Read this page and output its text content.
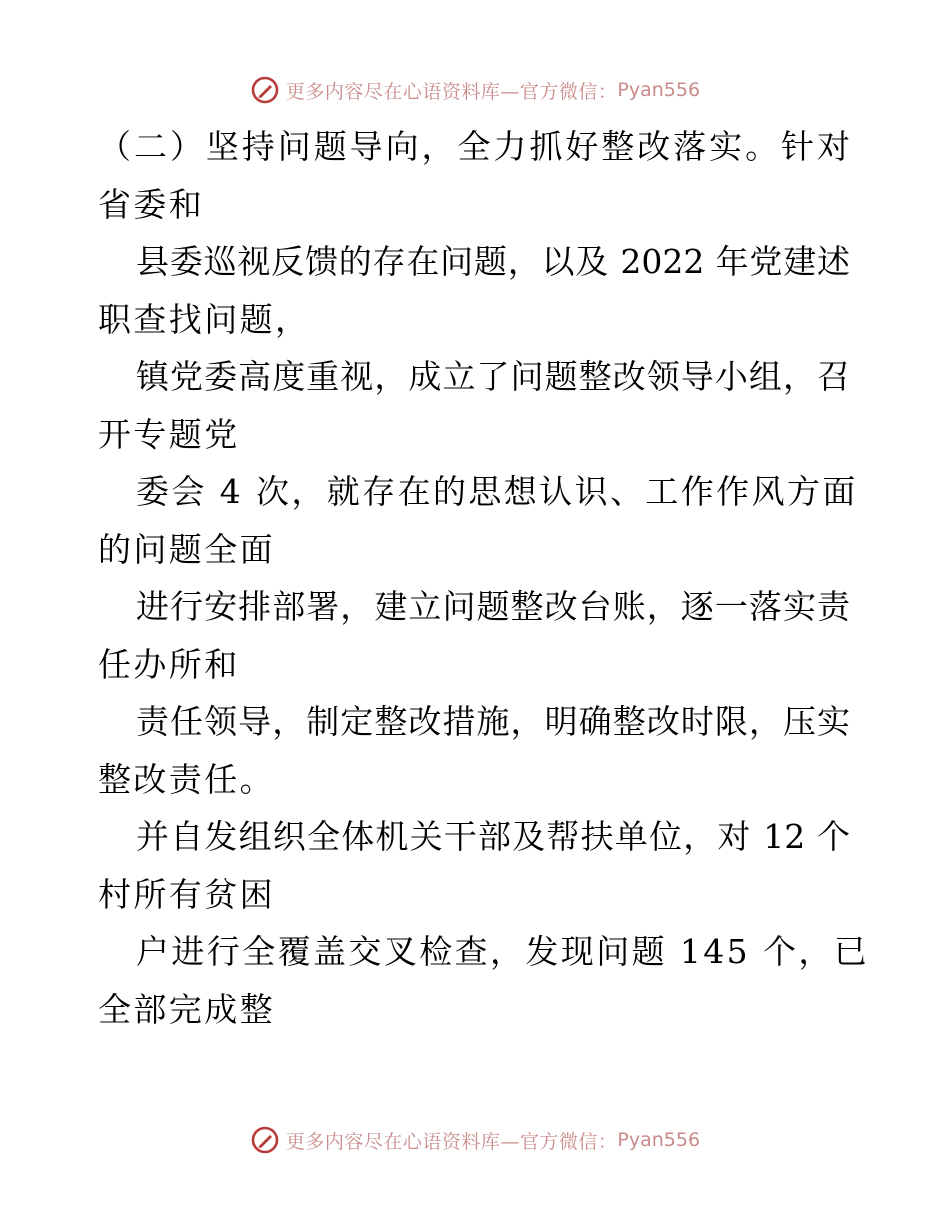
更多内容尽在心语资料库—官方微信： Pyan556
（二）坚持问题导向，全力抓好整改落实。针对
省委和
县委巡视反馈的存在问题，以及 2022 年党建述
职查找问题，
镇党委高度重视，成立了问题整改领导小组，召
开专题党
委会 4 次，就存在的思想认识、工作作风方面
的问题全面
进行安排部署，建立问题整改台账，逐一落实责
任办所和
责任领导，制定整改措施，明确整改时限，压实
整改责任。
并自发组织全体机关干部及帮扶单位，对 12 个
村所有贫困
户进行全覆盖交叉检查，发现问题 145 个，已
全部完成整
更多内容尽在心语资料库—官方微信： Pyan556
